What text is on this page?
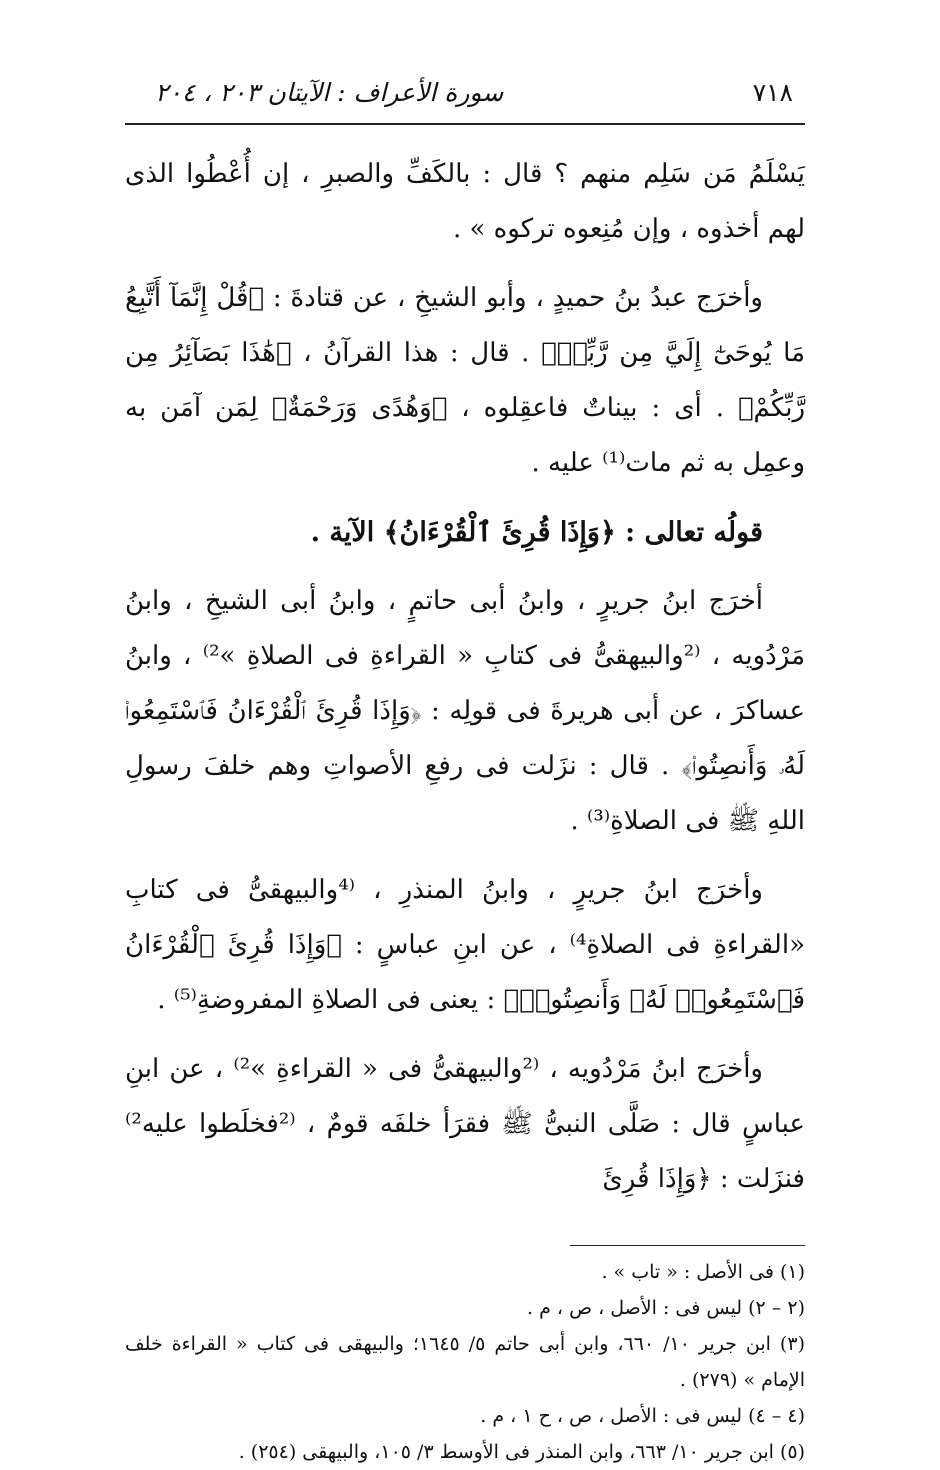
٧١٨
سورة الأعراف : الآيتان ٢٠٣ ، ٢٠٤

يَسْلَمُ مَن سَلِم منهم ؟ قال : بالكَفِّ والصبرِ ، إن أُعْطُوا الذى لهم أخذوه ، وإن مُنِعوه تركوه » .

وأخرَج عبدُ بنُ حميدٍ ، وأبو الشيخِ ، عن قتادةَ : ﴿قُلْ إِنَّمَآ أَتَّبِعُ مَا يُوحَىٰٓ إِلَيَّ مِن رَّبِّيۚ﴾ . قال : هذا القرآنُ ، ﴿هَٰذَا بَصَآئِرُ مِن رَّبِّكُمْ﴾ . أى : بيناتٌ فاعقِلوه ، ﴿وَهُدًى وَرَحْمَةٌ﴾ لِمَن آمَن به وعمِل به ثم مات⁽¹⁾ عليه .

قولُه تعالى : ﴿وَإِذَا قُرِئَ ٱلْقُرْءَانُ﴾ الآية .

أخرَج ابنُ جريرٍ ، وابنُ أبى حاتمٍ ، وابنُ أبى الشيخِ ، وابنُ مَرْدُويه ، ⁽²والبيهقىُّ فى كتابِ « القراءةِ فى الصلاةِ »²⁾ ، وابنُ عساكرَ ، عن أبى هريرةَ فى قولِه : ﴿وَإِذَا قُرِئَ ٱلْقُرْءَانُ فَٱسْتَمِعُوا۟ لَهُۥ وَأَنصِتُوا۟﴾ . قال : نزَلت فى رفعِ الأصواتِ وهم خلفَ رسولِ اللهِ ﷺ فى الصلاةِ⁽³⁾ .

وأخرَج ابنُ جريرٍ ، وابنُ المنذرِ ، ⁽⁴والبيهقىُّ فى كتابِ «القراءةِ فى الصلاةِ⁴⁾ ، عن ابنِ عباسٍ : ﴿وَإِذَا قُرِئَ ٱلْقُرْءَانُ فَٱسْتَمِعُوا۟ لَهُۥ وَأَنصِتُوا۟﴾ : يعنى فى الصلاةِ المفروضةِ⁽⁵⁾ .

وأخرَج ابنُ مَرْدُويه ، ⁽²والبيهقىُّ فى « القراءةِ »²⁾ ، عن ابنِ عباسٍ قال : صَلَّى النبىُّ ﷺ فقرَأ خلفَه قومٌ ، ⁽²فخلَطوا عليه²⁾ فنزَلت : ﴿وَإِذَا قُرِئَ

(١) فى الأصل : « تاب » .

(٢ – ٢) ليس فى : الأصل ، ص ، م .

(٣) ابن جرير ١٠/ ٦٦٠، وابن أبى حاتم ٥/ ١٦٤٥؛ والبيهقى فى كتاب « القراءة خلف الإمام » (٢٧٩) .

(٤ – ٤) ليس فى : الأصل ، ص ، ح ١ ، م .

(٥) ابن جرير ١٠/ ٦٦٣، وابن المنذر فى الأوسط ٣/ ١٠٥، والبيهقى (٢٥٤) .
